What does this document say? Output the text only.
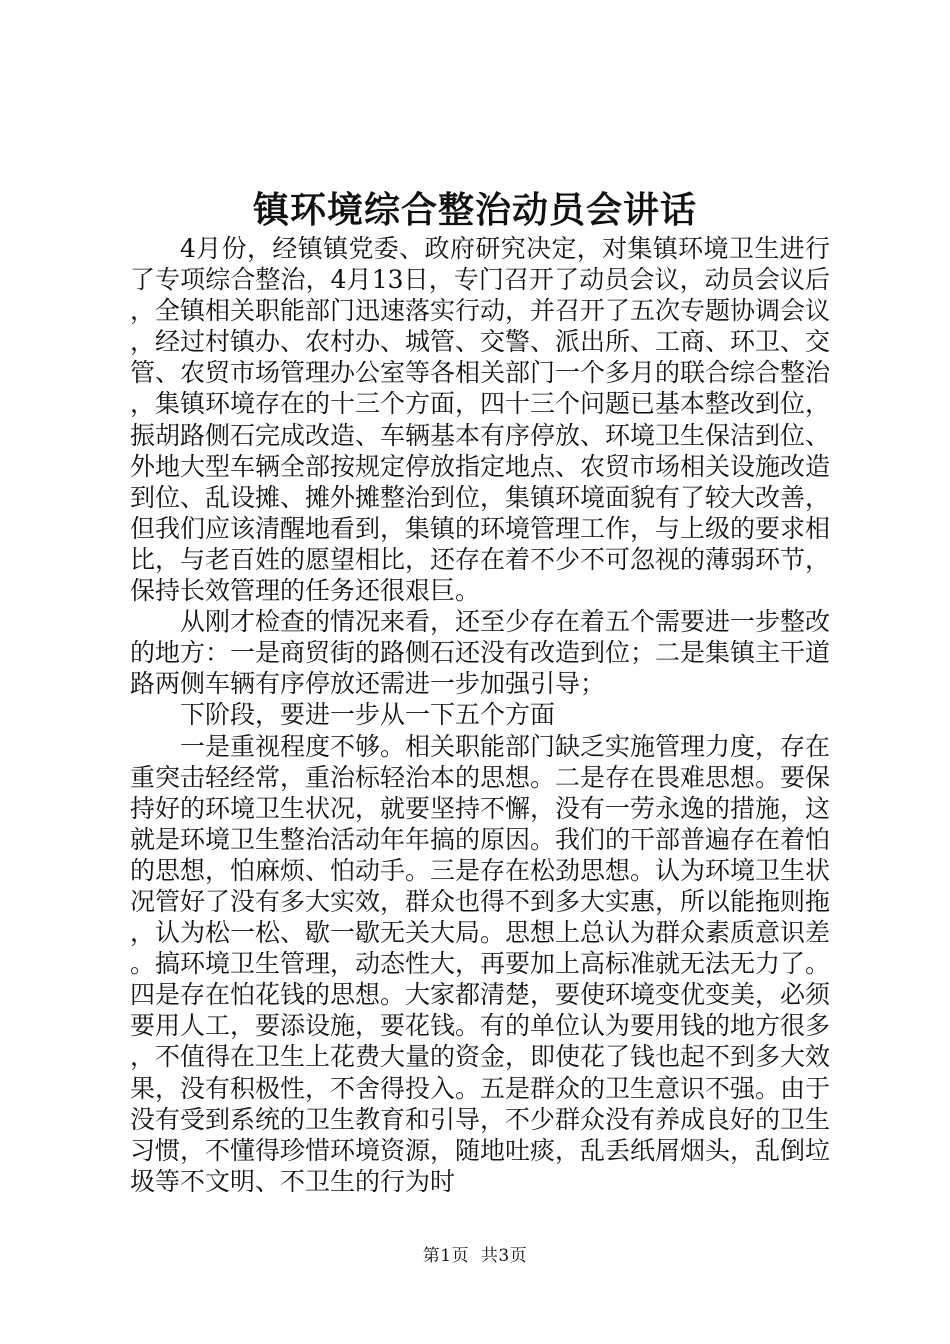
镇环境综合整治动员会讲话

4月份，经镇镇党委、政府研究决定，对集镇环境卫生进行了专项综合整治，4月13日，专门召开了动员会议，动员会议后，全镇相关职能部门迅速落实行动，并召开了五次专题协调会议，经过村镇办、农村办、城管、交警、派出所、工商、环卫、交管、农贸市场管理办公室等各相关部门一个多月的联合综合整治，集镇环境存在的十三个方面，四十三个问题已基本整改到位，振胡路侧石完成改造、车辆基本有序停放、环境卫生保洁到位、外地大型车辆全部按规定停放指定地点、农贸市场相关设施改造到位、乱设摊、摊外摊整治到位，集镇环境面貌有了较大改善，但我们应该清醒地看到，集镇的环境管理工作，与上级的要求相比，与老百姓的愿望相比，还存在着不少不可忽视的薄弱环节，保持长效管理的任务还很艰巨。

从刚才检查的情况来看，还至少存在着五个需要进一步整改的地方：一是商贸街的路侧石还没有改造到位；二是集镇主干道路两侧车辆有序停放还需进一步加强引导；

下阶段，要进一步从一下五个方面

一是重视程度不够。相关职能部门缺乏实施管理力度，存在重突击轻经常，重治标轻治本的思想。二是存在畏难思想。要保持好的环境卫生状况，就要坚持不懈，没有一劳永逸的措施，这就是环境卫生整治活动年年搞的原因。我们的干部普遍存在着怕的思想，怕麻烦、怕动手。三是存在松劲思想。认为环境卫生状况管好了没有多大实效，群众也得不到多大实惠，所以能拖则拖，认为松一松、歇一歇无关大局。思想上总认为群众素质意识差。搞环境卫生管理，动态性大，再要加上高标准就无法无力了。四是存在怕花钱的思想。大家都清楚，要使环境变优变美，必须要用人工，要添设施，要花钱。有的单位认为要用钱的地方很多，不值得在卫生上花费大量的资金，即使花了钱也起不到多大效果，没有积极性，不舍得投入。五是群众的卫生意识不强。由于没有受到系统的卫生教育和引导，不少群众没有养成良好的卫生习惯，不懂得珍惜环境资源，随地吐痰，乱丢纸屑烟头，乱倒垃圾等不文明、不卫生的行为时

第1页 共3页
